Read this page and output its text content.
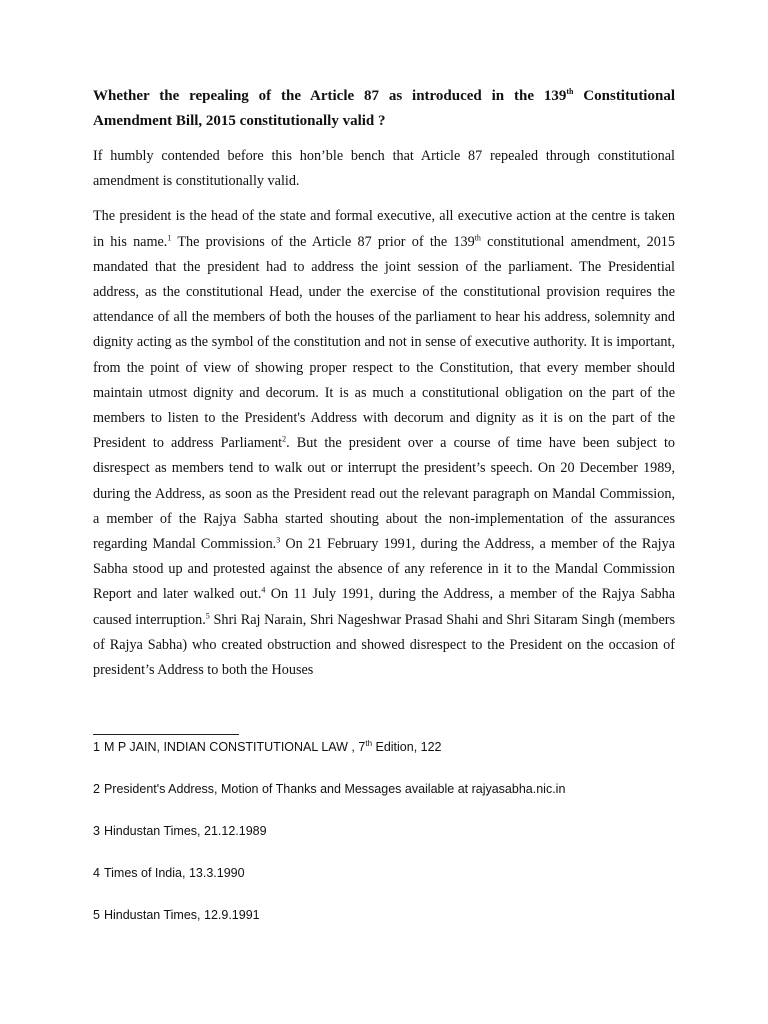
Whether the repealing of the Article 87 as introduced in the 139th Constitutional Amendment Bill, 2015 constitutionally valid ?

If humbly contended before this hon’ble bench that Article 87 repealed through constitutional amendment is constitutionally valid.

The president is the head of the state and formal executive, all executive action at the centre is taken in his name.$^1$ The provisions of the Article 87 prior of the 139th constitutional amendment, 2015 mandated that the president had to address the joint session of the parliament. The Presidential address, as the constitutional Head, under the exercise of the constitutional provision requires the attendance of all the members of both the houses of the parliament to hear his address, solemnity and dignity acting as the symbol of the constitution and not in sense of executive authority. It is important, from the point of view of showing proper respect to the Constitution, that every member should maintain utmost dignity and decorum. It is as much a constitutional obligation on the part of the members to listen to the President's Address with decorum and dignity as it is on the part of the President to address Parliament$^2$. But the president over a course of time have been subject to disrespect as members tend to walk out or interrupt the president’s speech. On 20 December 1989, during the Address, as soon as the President read out the relevant paragraph on Mandal Commission, a member of the Rajya Sabha started shouting about the non-implementation of the assurances regarding Mandal Commission.$^3$ On 21 February 1991, during the Address, a member of the Rajya Sabha stood up and protested against the absence of any reference in it to the Mandal Commission Report and later walked out.$^4$ On 11 July 1991, during the Address, a member of the Rajya Sabha caused interruption.$^5$ Shri Raj Narain, Shri Nageshwar Prasad Shahi and Shri Sitaram Singh (members of Rajya Sabha) who created obstruction and showed disrespect to the President on the occasion of president’s Address to both the Houses

1 M P JAIN, INDIAN CONSTITUTIONAL LAW , 7th Edition, 122
2 President's Address, Motion of Thanks and Messages available at rajyasabha.nic.in
3 Hindustan Times, 21.12.1989
4 Times of India, 13.3.1990
5 Hindustan Times, 12.9.1991
